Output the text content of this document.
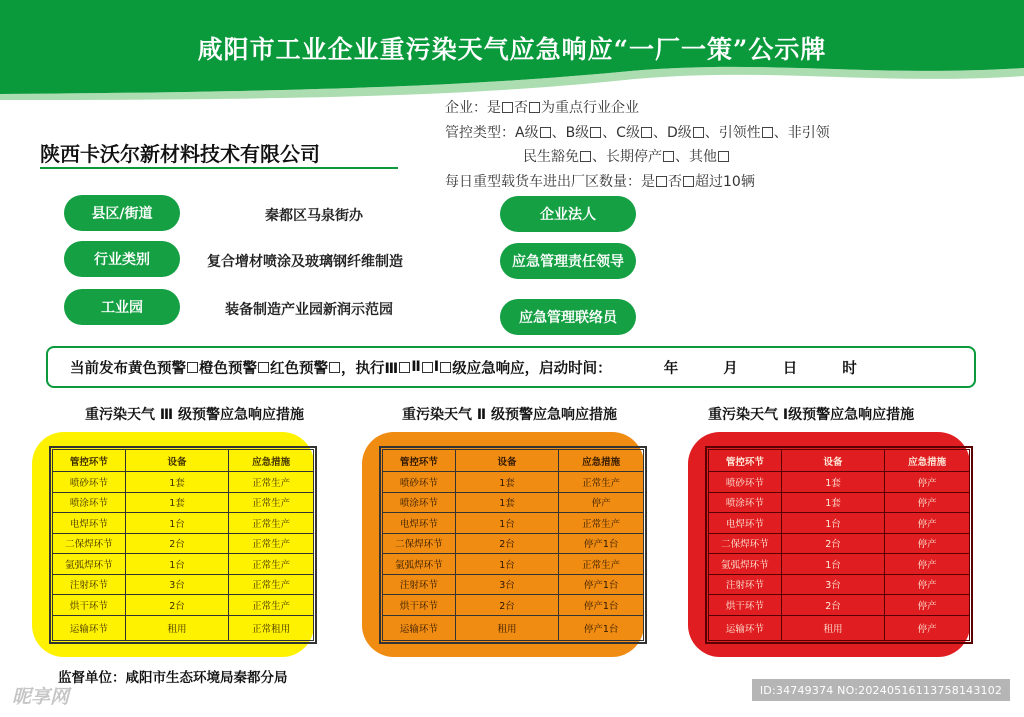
咸阳市工业企业重污染天气应急响应“一厂一策”公示牌
企业：是 否 为重点行业企业
管控类型：A级 、B级 、C级 、D级 、引领性 、非引领
民生豁免 、长期停产 、其他
每日重型载货车进出厂区数量：是 否 超过10辆
陕西卡沃尔新材料技术有限公司
县区/街道	秦都区马泉街办
行业类别	复合增材喷涂及玻璃钢纤维制造
工业园	装备制造产业园新润示范园
企业法人
应急管理责任领导
应急管理联络员
当前发布黄色预警 橙色预警 红色预警 ，执行Ⅲ Ⅱ Ⅰ 级应急响应，启动时间：	年	月	日	时
重污染天气 Ⅲ 级预警应急响应措施	重污染天气 Ⅱ 级预警应急响应措施	重污染天气 Ⅰ级预警应急响应措施
管控环节	设备	应急措施
喷砂环节	1套	正常生产
喷涂环节	1套	正常生产
电焊环节	1台	正常生产
二保焊环节	2台	正常生产
氩弧焊环节	1台	正常生产
注射环节	3台	正常生产
烘干环节	2台	正常生产
运输环节	租用	正常租用
管控环节	设备	应急措施
喷砂环节	1套	正常生产
喷涂环节	1套	停产
电焊环节	1台	正常生产
二保焊环节	2台	停产1台
氩弧焊环节	1台	正常生产
注射环节	3台	停产1台
烘干环节	2台	停产1台
运输环节	租用	停产1台
管控环节	设备	应急措施
喷砂环节	1套	停产
喷涂环节	1套	停产
电焊环节	1台	停产
二保焊环节	2台	停产
氩弧焊环节	1台	停产
注射环节	3台	停产
烘干环节	2台	停产
运输环节	租用	停产
监督单位：咸阳市生态环境局秦都分局
昵享网	ID:34749374 NO:20240516113758143102
